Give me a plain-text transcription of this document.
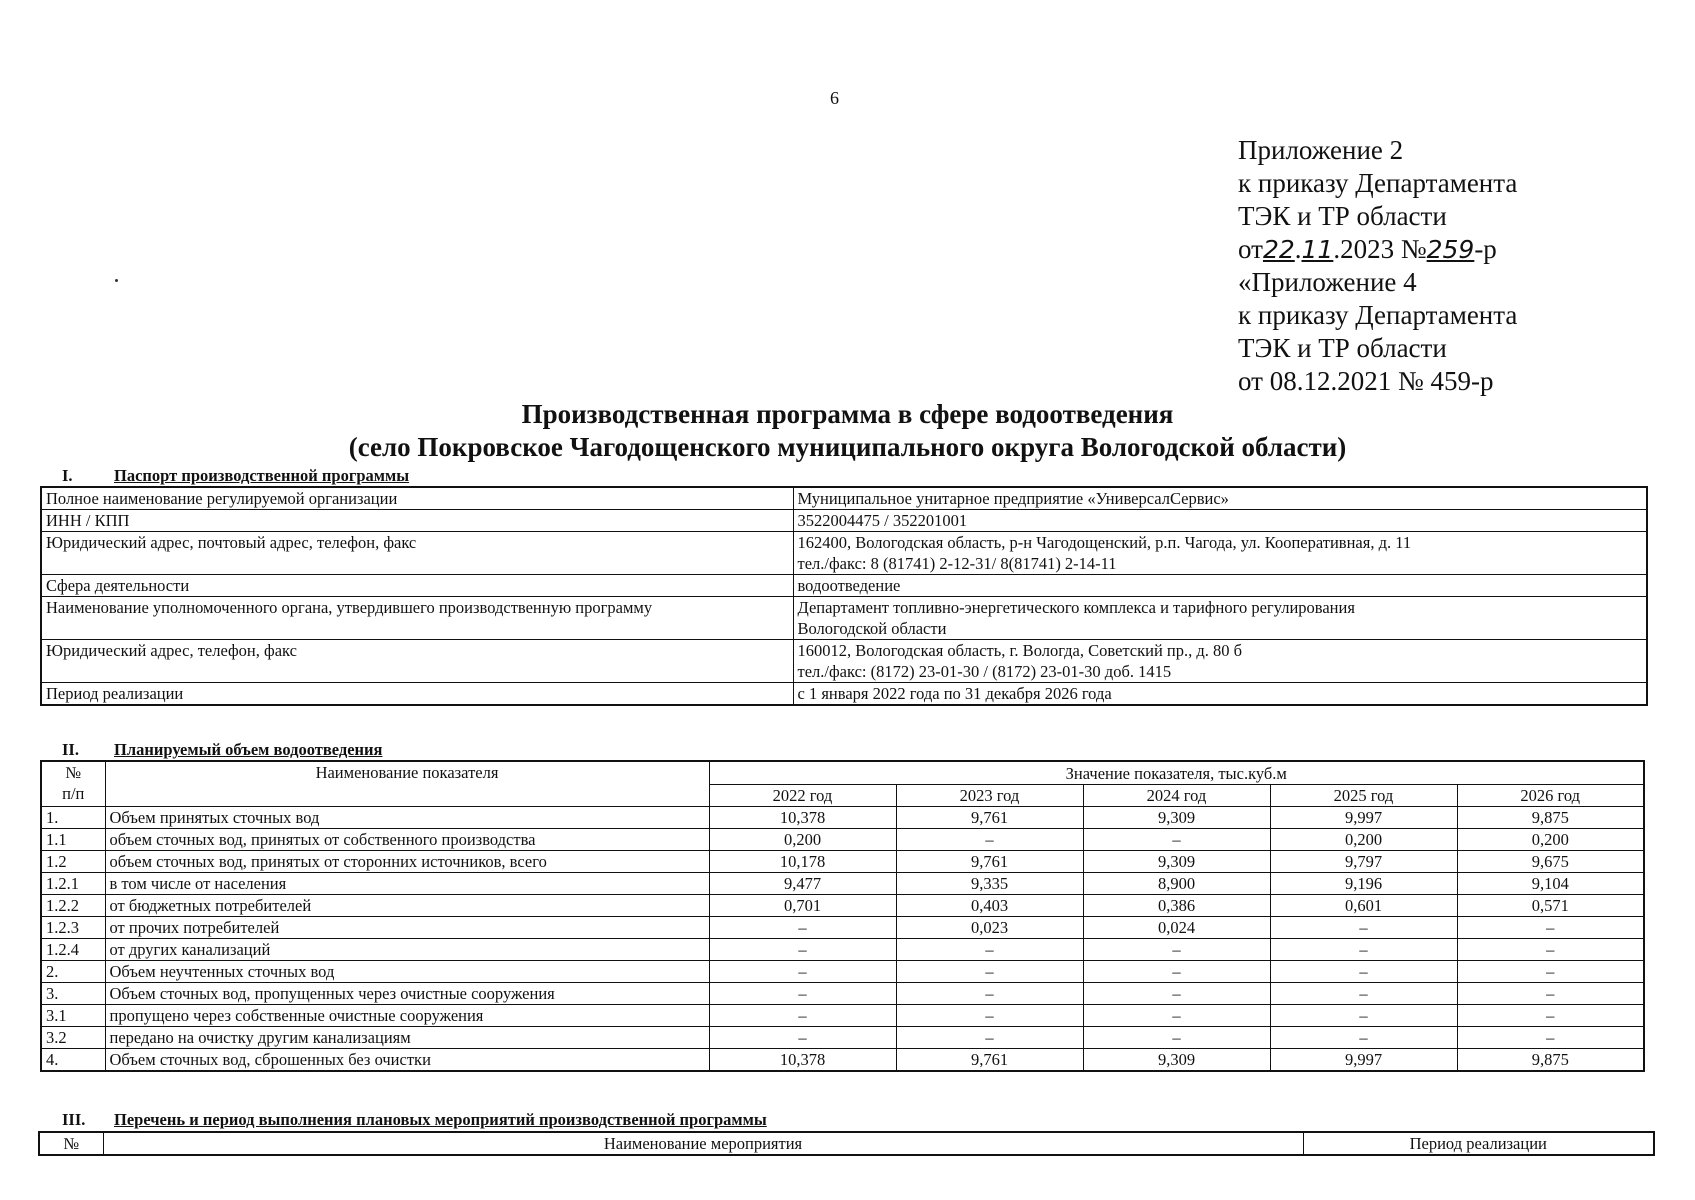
6
Приложение 2
к приказу Департамента
ТЭК и ТР области
от22.11.2023 №259-р
«Приложение 4
к приказу Департамента
ТЭК и ТР области
от 08.12.2021 № 459-р
Производственная программа в сфере водоотведения
(село Покровское Чагодощенского муниципального округа Вологодской области)
I.	Паспорт производственной программы
Полное наименование регулируемой организации	Муниципальное унитарное предприятие «УниверсалСервис»

ИНН / КПП	3522004475 / 352201001

Юридический адрес, почтовый адрес, телефон, факс	162400, Вологодская область, р-н Чагодощенский, р.п. Чагода, ул. Кооперативная, д. 11
тел./факс: 8 (81741) 2-12-31/ 8(81741) 2-14-11

Сфера деятельности	водоотведение

Наименование уполномоченного органа, утвердившего производственную программу	Департамент топливно-энергетического комплекса и тарифного регулирования
Вологодской области

Юридический адрес, телефон, факс	160012, Вологодская область, г. Вологда, Советский пр., д. 80 б
тел./факс: (8172) 23-01-30 / (8172) 23-01-30 доб. 1415

Период реализации	с 1 января 2022 года по 31 декабря 2026 года
II. Планируемый объем водоотведения
№
п/п	Наименование показателя	Значение показателя, тыс.куб.м				
		2022 год	2023 год	2024 год	2025 год	2026 год
1.	Объем принятых сточных вод	10,378	9,761	9,309	9,997	9,875
1.1	объем сточных вод, принятых от собственного производства	0,200	–	–	0,200	0,200
1.2	объем сточных вод, принятых от сторонних источников, всего	10,178	9,761	9,309	9,797	9,675
1.2.1	в том числе от населения	9,477	9,335	8,900	9,196	9,104
1.2.2	от бюджетных потребителей	0,701	0,403	0,386	0,601	0,571
1.2.3	от прочих потребителей	–	0,023	0,024	–	–
1.2.4	от других канализаций	–	–	–	–	–
2.	Объем неучтенных сточных вод	–	–	–	–	–
3.	Объем сточных вод, пропущенных через очистные сооружения	–	–	–	–	–
3.1	пропущено через собственные очистные сооружения	–	–	–	–	–
3.2	передано на очистку другим канализациям	–	–	–	–	–
4.	Объем сточных вод, сброшенных без очистки	10,378	9,761	9,309	9,997	9,875
III. Перечень и период выполнения плановых мероприятий производственной программы
№	Наименование мероприятия	Период реализации
